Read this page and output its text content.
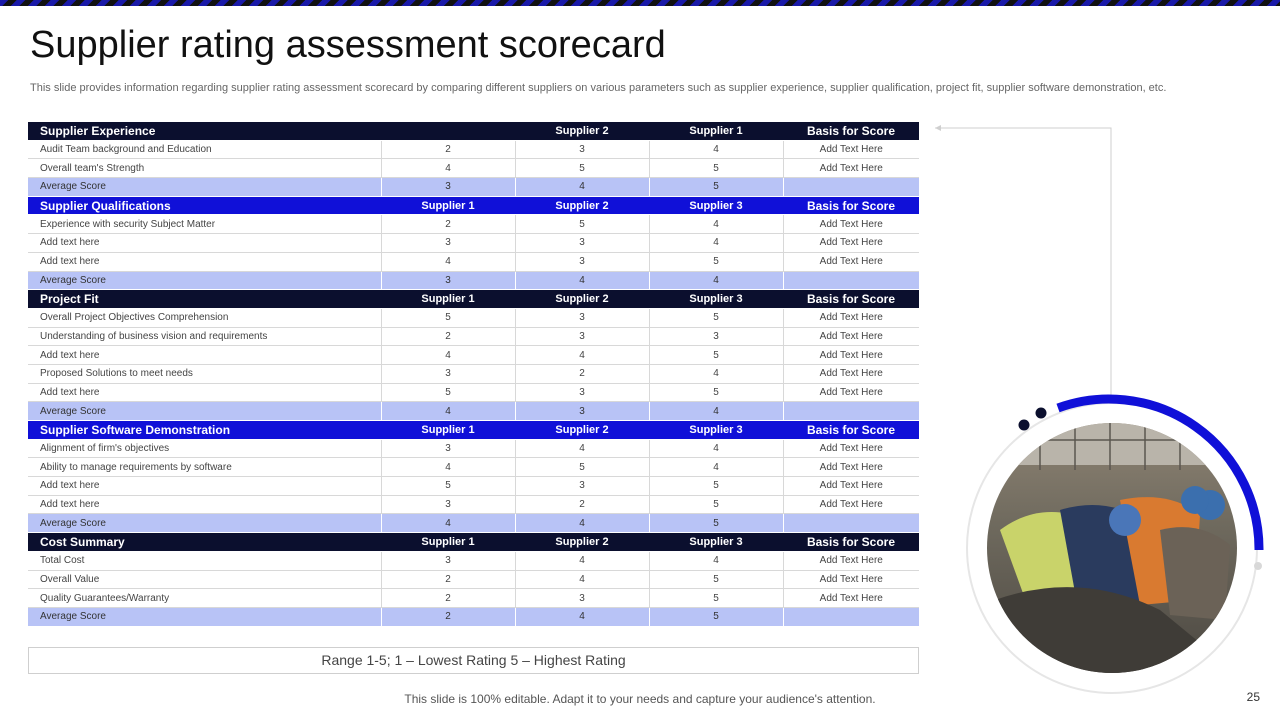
Supplier rating assessment scorecard

This slide provides information regarding supplier rating assessment scorecard by comparing different suppliers on various parameters such as supplier experience, supplier qualification, project fit, supplier software demonstration, etc.

Supplier Experience		Supplier 2	Supplier 1	Basis for Score
Audit Team background and Education	2	3	4	Add Text Here
Overall team's Strength	4	5	5	Add Text Here
Average Score	3	4	5	
Supplier Qualifications	Supplier 1	Supplier 2	Supplier 3	Basis for Score
Experience with security Subject Matter	2	5	4	Add Text Here
Add text here	3	3	4	Add Text Here
Add text here	4	3	5	Add Text Here
Average Score	3	4	4	
Project Fit	Supplier 1	Supplier 2	Supplier 3	Basis for Score
Overall Project Objectives Comprehension	5	3	5	Add Text Here
Understanding of business vision and requirements	2	3	3	Add Text Here
Add text here	4	4	5	Add Text Here
Proposed Solutions to meet needs	3	2	4	Add Text Here
Add text here	5	3	5	Add Text Here
Average Score	4	3	4	
Supplier Software Demonstration	Supplier 1	Supplier 2	Supplier 3	Basis for Score
Alignment of firm's objectives	3	4	4	Add Text Here
Ability to manage requirements by software	4	5	4	Add Text Here
Add text here	5	3	5	Add Text Here
Add text here	3	2	5	Add Text Here
Average Score	4	4	5	
Cost Summary	Supplier 1	Supplier 2	Supplier 3	Basis for Score
Total Cost	3	4	4	Add Text Here
Overall Value	2	4	5	Add Text Here
Quality Guarantees/Warranty	2	3	5	Add Text Here
Average Score	2	4	5	
Range 1-5; 1 – Lowest Rating 5 – Highest Rating
This slide is 100% editable. Adapt it to your needs and capture your audience's attention.	25
